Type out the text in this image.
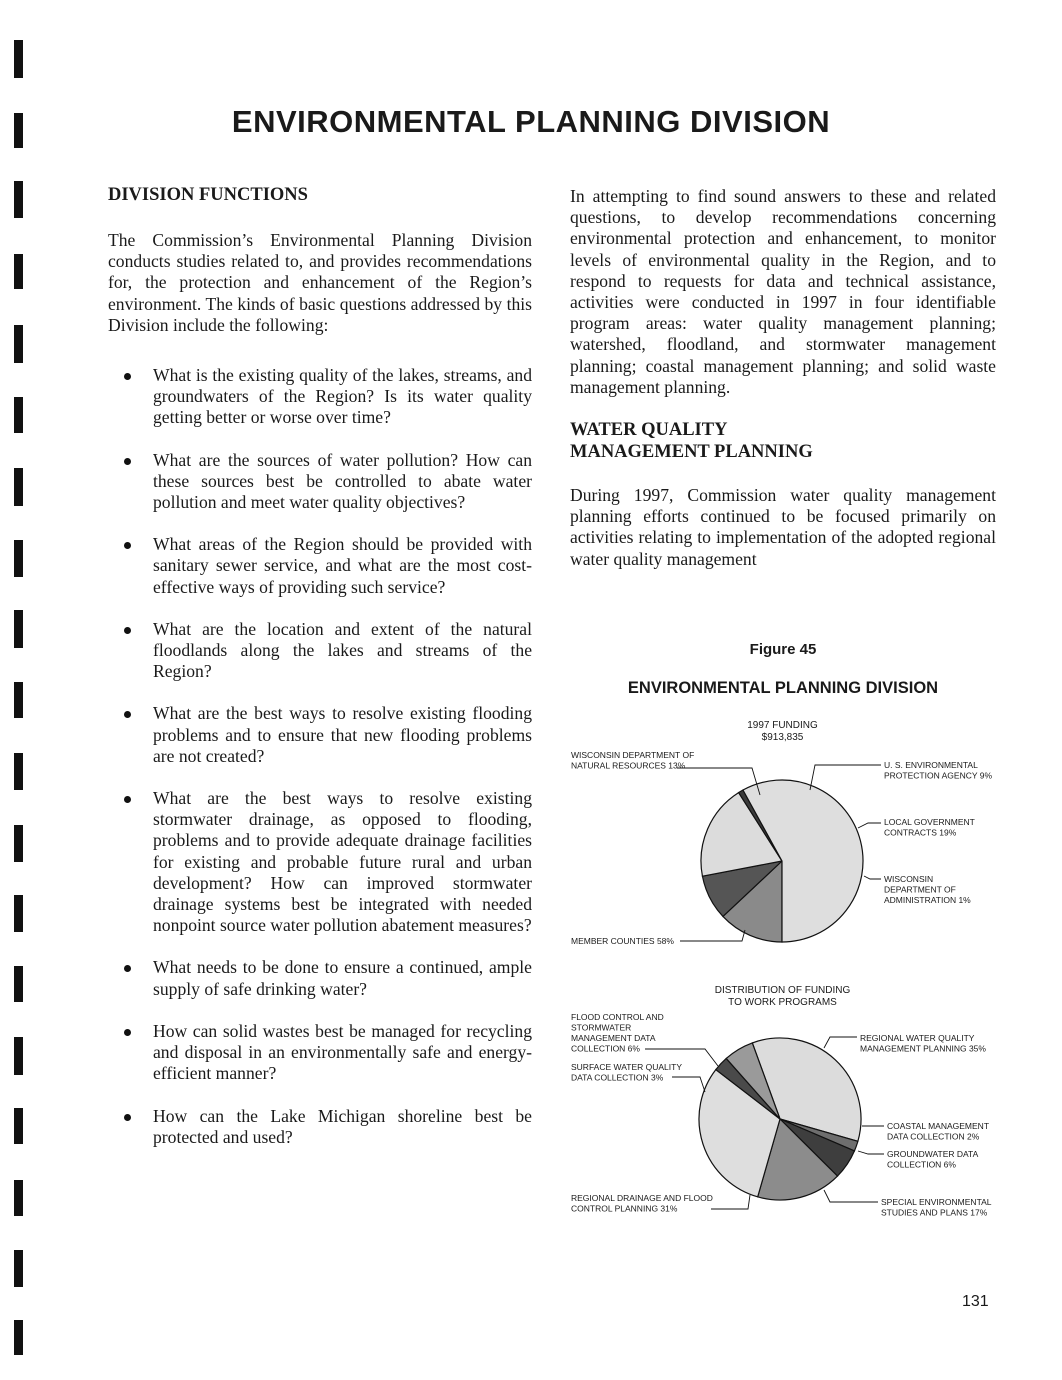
ENVIRONMENTAL PLANNING DIVISION
DIVISION FUNCTIONS

The Commission’s Environmental Planning Division conducts studies related to, and provides recommendations for, the protection and enhancement of the Region’s environment. The kinds of basic questions addressed by this Division include the following:

What is the existing quality of the lakes, streams, and groundwaters of the Region? Is its water quality getting better or worse over time?
What are the sources of water pollution? How can these sources best be controlled to abate water pollution and meet water quality objectives?
What areas of the Region should be provided with sanitary sewer service, and what are the most cost-effective ways of providing such service?
What are the location and extent of the natural floodlands along the lakes and streams of the Region?
What are the best ways to resolve existing flooding problems and to ensure that new flooding problems are not created?
What are the best ways to resolve existing stormwater drainage, as opposed to flooding, problems and to provide adequate drainage facilities for existing and probable future rural and urban development? How can improved stormwater drainage systems best be integrated with needed nonpoint source water pollution abatement measures?
What needs to be done to ensure a continued, ample supply of safe drinking water?
How can solid wastes best be managed for recycling and disposal in an environmentally safe and energy-efficient manner?
How can the Lake Michigan shoreline best be protected and used?

In attempting to find sound answers to these and related questions, to develop recommendations concerning environmental protection and enhancement, to monitor levels of environmental quality in the Region, and to respond to requests for data and technical assistance, activities were conducted in 1997 in four identifiable program areas: water quality management planning; watershed, floodland, and stormwater management planning; coastal management planning; and solid waste management planning.

WATER QUALITY
MANAGEMENT PLANNING

During 1997, Commission water quality management planning efforts continued to be focused primarily on activities relating to implementation of the adopted regional water quality management

Figure 45
ENVIRONMENTAL PLANNING DIVISION
1997 FUNDING
$913,835
WISCONSIN DEPARTMENT OF NATURAL RESOURCES 13%	U. S. ENVIRONMENTAL PROTECTION AGENCY 9%
LOCAL GOVERNMENT CONTRACTS 19%
WISCONSIN DEPARTMENT OF ADMINISTRATION 1%
MEMBER COUNTIES 58%
DISTRIBUTION OF FUNDING
TO WORK PROGRAMS
REGIONAL WATER QUALITY MANAGEMENT PLANNING 35%
COASTAL MANAGEMENT DATA COLLECTION 2%
GROUNDWATER DATA COLLECTION 6%
SPECIAL ENVIRONMENTAL STUDIES AND PLANS 17%
REGIONAL DRAINAGE AND FLOOD CONTROL PLANNING 31%
SURFACE WATER QUALITY DATA COLLECTION 3%
FLOOD CONTROL AND STORMWATER MANAGEMENT DATA COLLECTION 6%
131
